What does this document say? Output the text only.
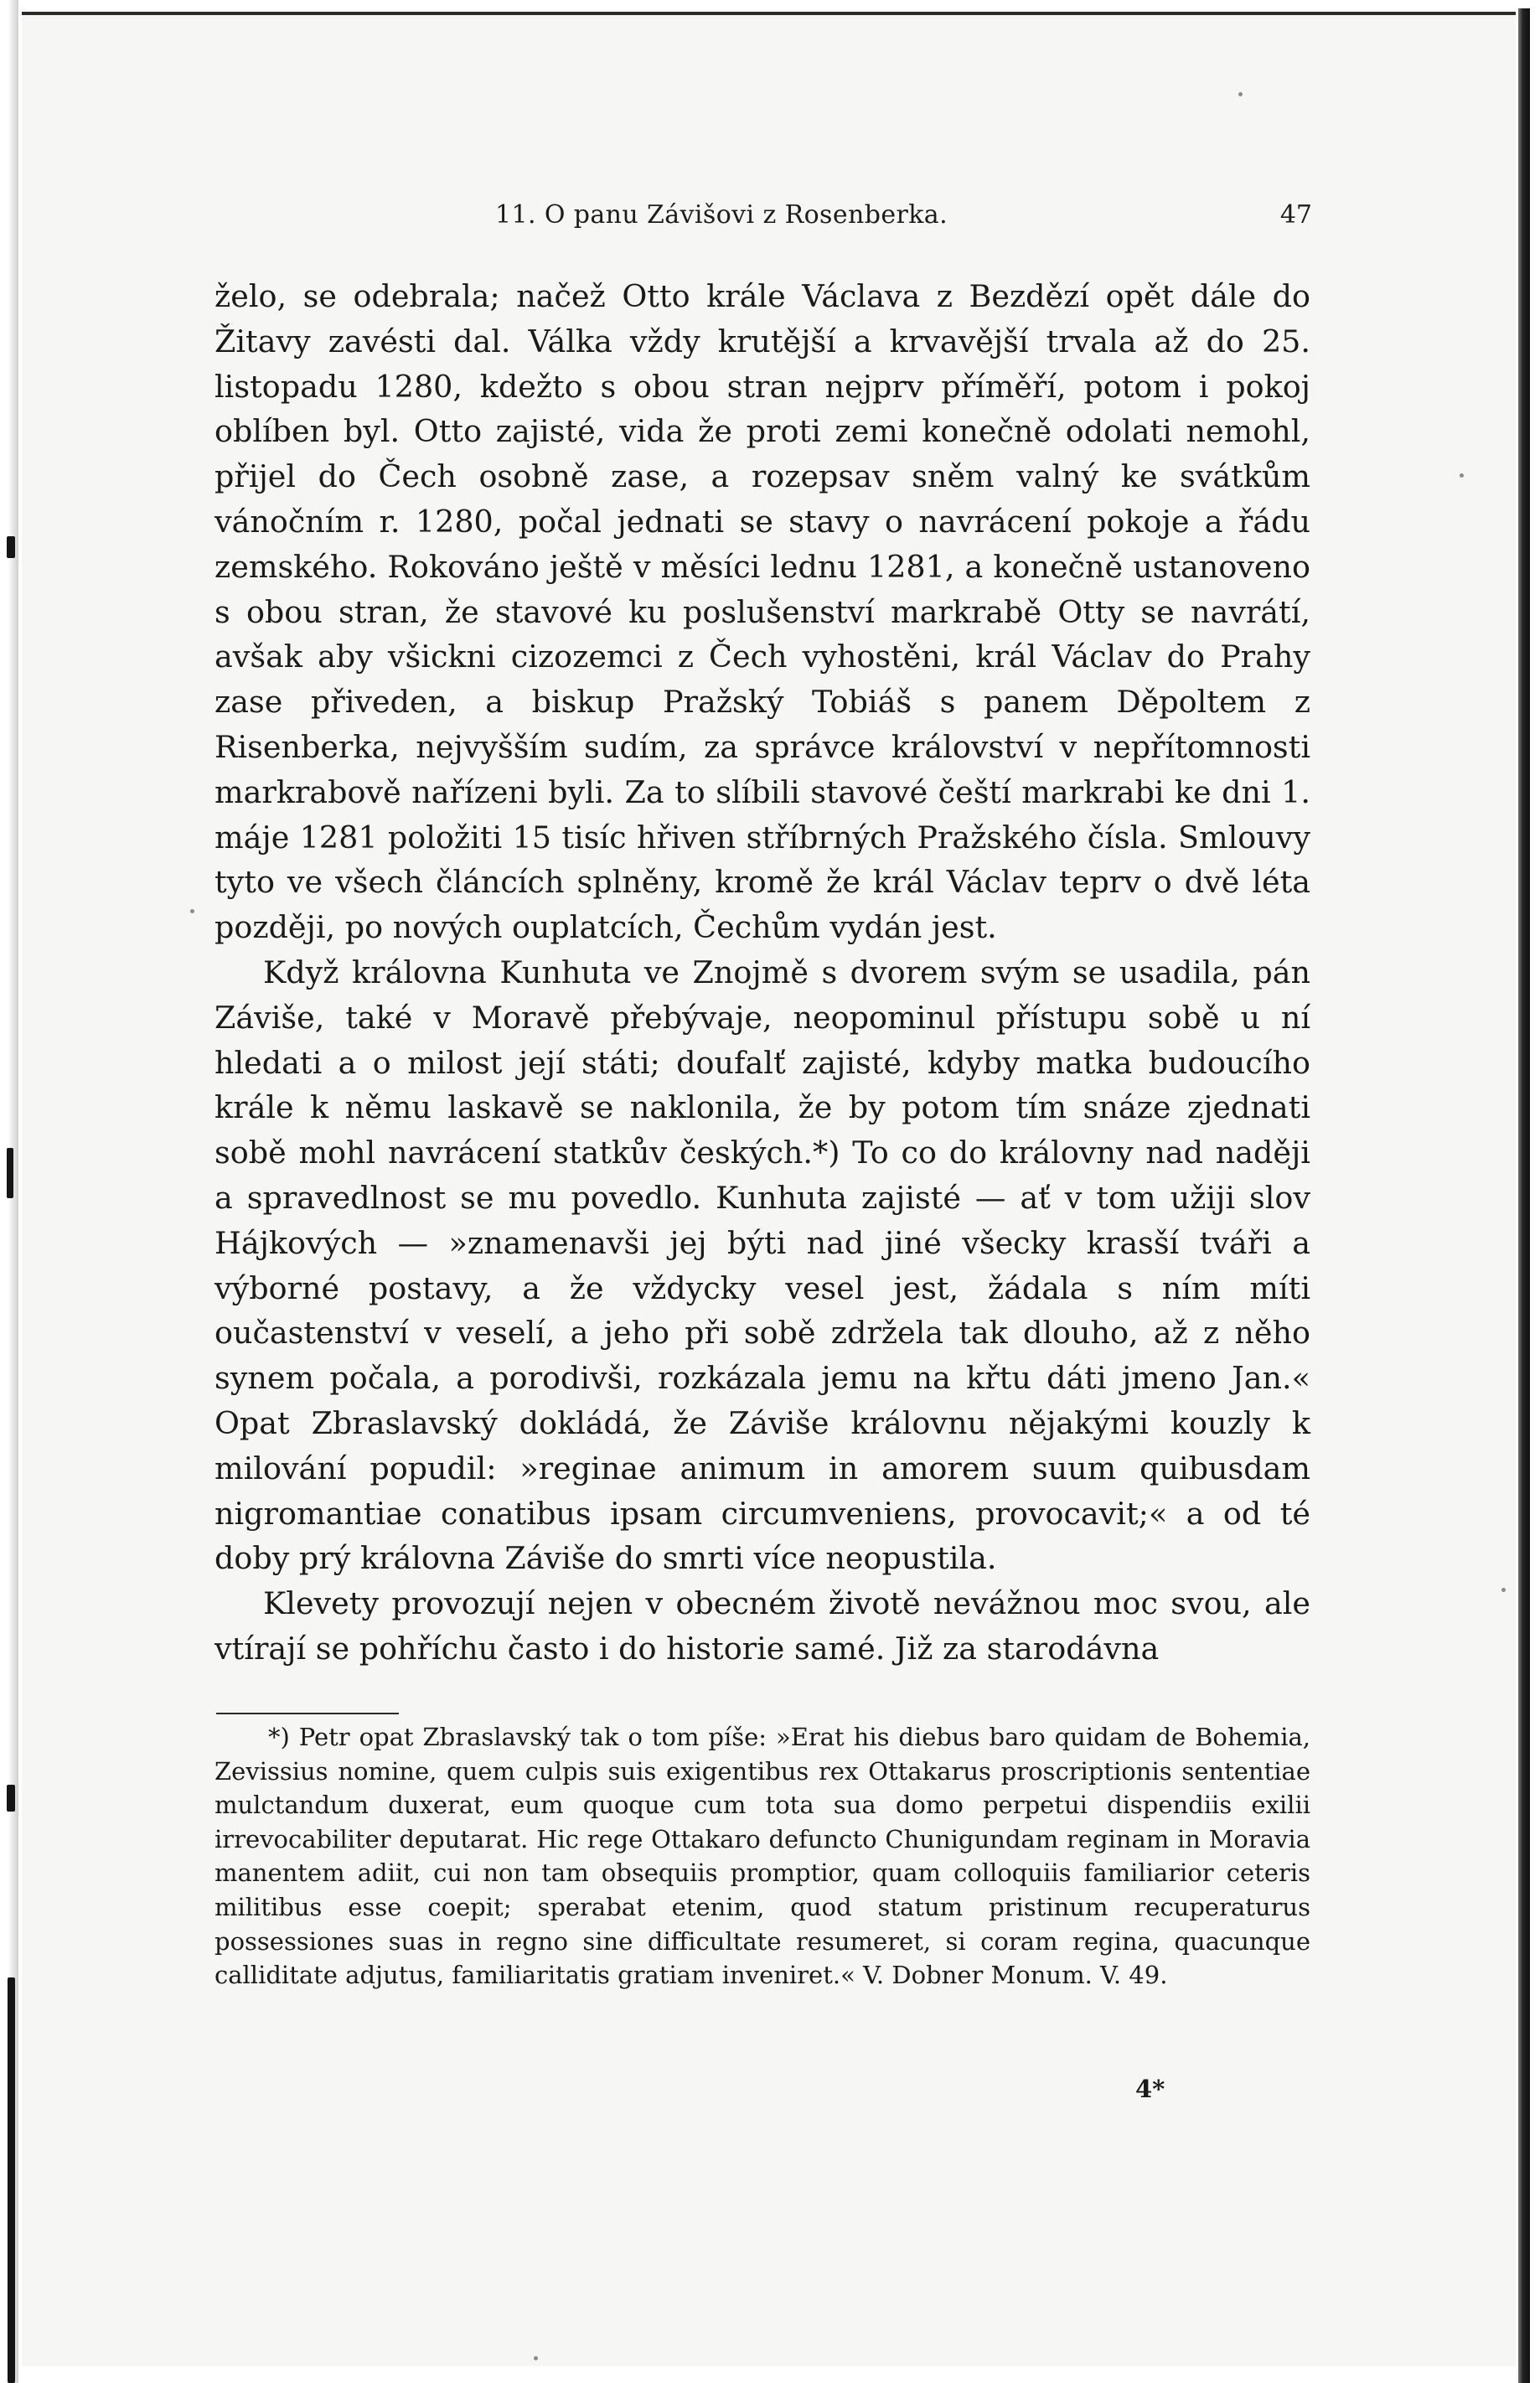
11. O panu Závišovi z Rosenberka.	47

želo, se odebrala; načež Otto krále Václava z Bezdězí opět dále do Žitavy zavésti dal. Válka vždy krutější a krvavější trvala až do 25. listopadu 1280, kdežto s obou stran nejprv příměří, potom i pokoj oblíben byl. Otto zajisté, vida že proti zemi konečně odolati nemohl, přijel do Čech osobně zase, a rozepsav sněm valný ke svátkům vánočním r. 1280, počal jednati se stavy o navrácení pokoje a řádu zemského. Rokováno ještě v měsíci lednu 1281, a konečně ustanoveno s obou stran, že stavové ku poslušenství markrabě Otty se navrátí, avšak aby všickni cizozemci z Čech vyhostěni, král Václav do Prahy zase přiveden, a biskup Pražský Tobiáš s panem Děpoltem z Risenberka, nejvyšším sudím, za správce království v nepřítomnosti markrabově nařízeni byli. Za to slíbili stavové čeští markrabi ke dni 1. máje 1281 položiti 15 tisíc hřiven stříbrných Pražského čísla. Smlouvy tyto ve všech článcích splněny, kromě že král Václav teprv o dvě léta později, po nových ouplatcích, Čechům vydán jest.

Když královna Kunhuta ve Znojmě s dvorem svým se usadila, pán Záviše, také v Moravě přebývaje, neopominul přístupu sobě u ní hledati a o milost její státi; doufalť zajisté, kdyby matka budoucího krále k němu laskavě se naklonila, že by potom tím snáze zjednati sobě mohl navrácení statkův českých.*) To co do královny nad naději a spravedlnost se mu povedlo. Kunhuta zajisté — ať v tom užiji slov Hájkových — »znamenavši jej býti nad jiné všecky krasší tváři a výborné postavy, a že vždycky vesel jest, žádala s ním míti oučastenství v veselí, a jeho při sobě zdržela tak dlouho, až z něho synem počala, a porodivši, rozkázala jemu na křtu dáti jmeno Jan.« Opat Zbraslavský dokládá, že Záviše královnu nějakými kouzly k milování popudil: »reginae animum in amorem suum quibusdam nigromantiae conatibus ipsam circumveniens, provocavit;« a od té doby prý královna Záviše do smrti více neopustila.

Klevety provozují nejen v obecném životě nevážnou moc svou, ale vtírají se pohříchu často i do historie samé. Již za starodávna

*) Petr opat Zbraslavský tak o tom píše: »Erat his diebus baro quidam de Bohemia, Zevissius nomine, quem culpis suis exigentibus rex Ottakarus proscriptionis sententiae mulctandum duxerat, eum quoque cum tota sua domo perpetui dispendiis exilii irrevocabiliter deputarat. Hic rege Ottakaro defuncto Chunigundam reginam in Moravia manentem adiit, cui non tam obsequiis promptior, quam colloquiis familiarior ceteris militibus esse coepit; sperabat etenim, quod statum pristinum recuperaturus possessiones suas in regno sine difficultate resumeret, si coram regina, quacunque calliditate adjutus, familiaritatis gratiam inveniret.« V. Dobner Monum. V. 49.

4*
